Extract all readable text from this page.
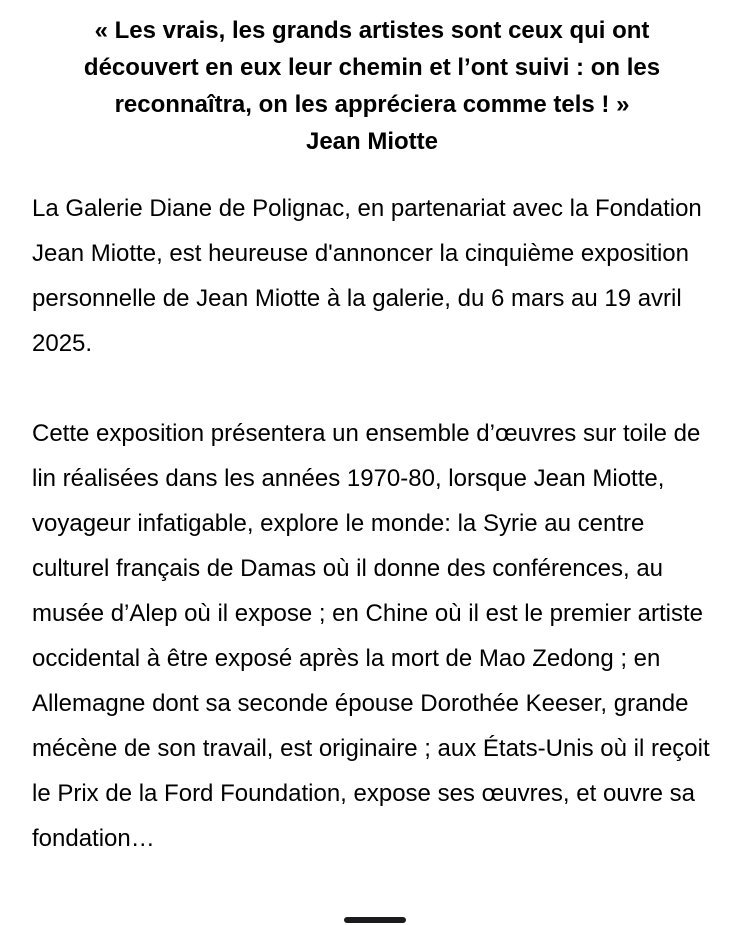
« Les vrais, les grands artistes sont ceux qui ont découvert en eux leur chemin et l’ont suivi : on les reconnaîtra, on les appréciera comme tels ! »

Jean Miotte

La Galerie Diane de Polignac, en partenariat avec la Fondation Jean Miotte, est heureuse d'annoncer la cinquième exposition personnelle de Jean Miotte à la galerie, du 6 mars au 19 avril 2025.

Cette exposition présentera un ensemble d’œuvres sur toile de lin réalisées dans les années 1970-80, lorsque Jean Miotte, voyageur infatigable, explore le monde: la Syrie au centre culturel français de Damas où il donne des conférences, au musée d’Alep où il expose ; en Chine où il est le premier artiste occidental à être exposé après la mort de Mao Zedong ; en Allemagne dont sa seconde épouse Dorothée Keeser, grande mécène de son travail, est originaire ; aux États-Unis où il reçoit le Prix de la Ford Foundation, expose ses œuvres, et ouvre sa fondation…
